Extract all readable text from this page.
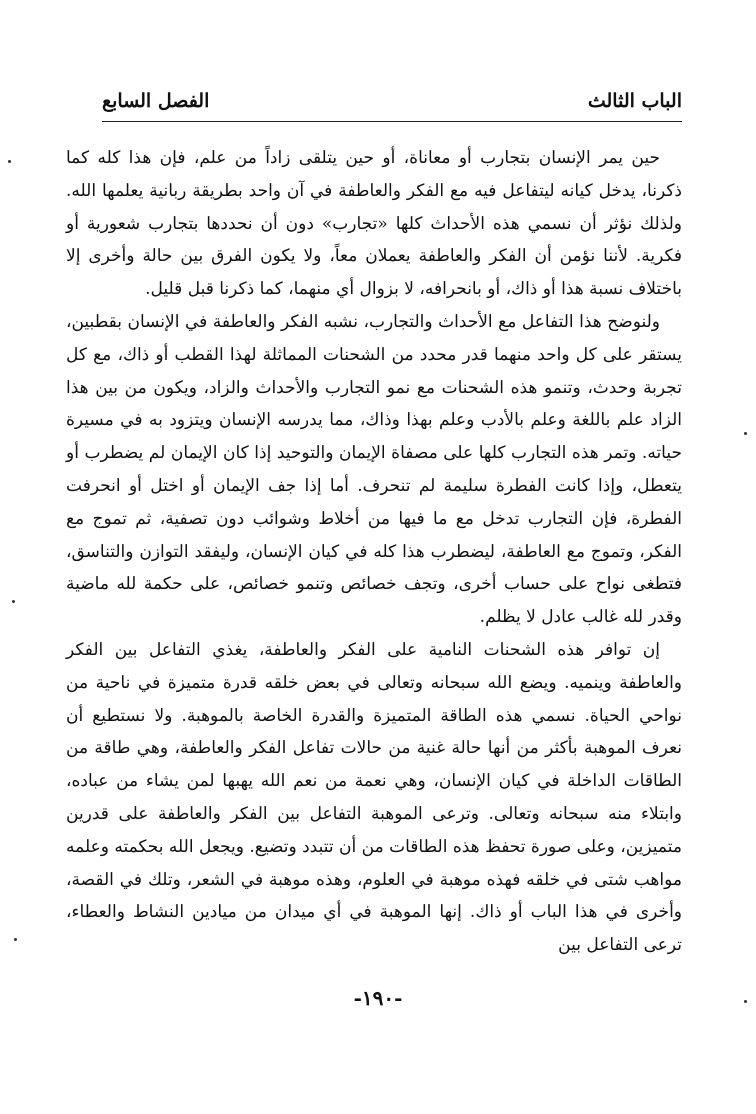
الباب الثالث
الفصل السابع

حين يمر الإنسان بتجارب أو معاناة، أو حين يتلقى زاداً من علم، فإن هذا كله كما ذكرنا، يدخل كيانه ليتفاعل فيه مع الفكر والعاطفة في آن واحد بطريقة ربانية يعلمها الله. ولذلك نؤثر أن نسمي هذه الأحداث كلها «تجارب» دون أن نحددها بتجارب شعورية أو فكرية. لأننا نؤمن أن الفكر والعاطفة يعملان معاً، ولا يكون الفرق بين حالة وأخرى إلا باختلاف نسبة هذا أو ذاك، أو بانحرافه، لا بزوال أي منهما، كما ذكرنا قبل قليل.

ولنوضح هذا التفاعل مع الأحداث والتجارب، نشبه الفكر والعاطفة في الإنسان بقطبين، يستقر على كل واحد منهما قدر محدد من الشحنات المماثلة لهذا القطب أو ذاك، مع كل تجربة وحدث، وتنمو هذه الشحنات مع نمو التجارب والأحداث والزاد، ويكون من بين هذا الزاد علم باللغة وعلم بالأدب وعلم بهذا وذاك، مما يدرسه الإنسان ويتزود به في مسيرة حياته. وتمر هذه التجارب كلها على مصفاة الإيمان والتوحيد إذا كان الإيمان لم يضطرب أو يتعطل، وإذا كانت الفطرة سليمة لم تنحرف. أما إذا جف الإيمان أو اختل أو انحرفت الفطرة، فإن التجارب تدخل مع ما فيها من أخلاط وشوائب دون تصفية، ثم تموج مع الفكر، وتموج مع العاطفة، ليضطرب هذا كله في كيان الإنسان، وليفقد التوازن والتناسق، فتطغى نواح على حساب أخرى، وتجف خصائص وتنمو خصائص، على حكمة لله ماضية وقدر لله غالب عادل لا يظلم.

إن توافر هذه الشحنات النامية على الفكر والعاطفة، يغذي التفاعل بين الفكر والعاطفة وينميه. ويضع الله سبحانه وتعالى في بعض خلقه قدرة متميزة في ناحية من نواحي الحياة. نسمي هذه الطاقة المتميزة والقدرة الخاصة بالموهبة. ولا نستطيع أن نعرف الموهبة بأكثر من أنها حالة غنية من حالات تفاعل الفكر والعاطفة، وهي طاقة من الطاقات الداخلة في كيان الإنسان، وهي نعمة من نعم الله يهبها لمن يشاء من عباده، وابتلاء منه سبحانه وتعالى. وترعى الموهبة التفاعل بين الفكر والعاطفة على قدرين متميزين، وعلى صورة تحفظ هذه الطاقات من أن تتبدد وتضيع. ويجعل الله بحكمته وعلمه مواهب شتى في خلقه فهذه موهبة في العلوم، وهذه موهبة في الشعر، وتلك في القصة، وأخرى في هذا الباب أو ذاك. إنها الموهبة في أي ميدان من ميادين النشاط والعطاء، ترعى التفاعل بين

-١٩٠-
